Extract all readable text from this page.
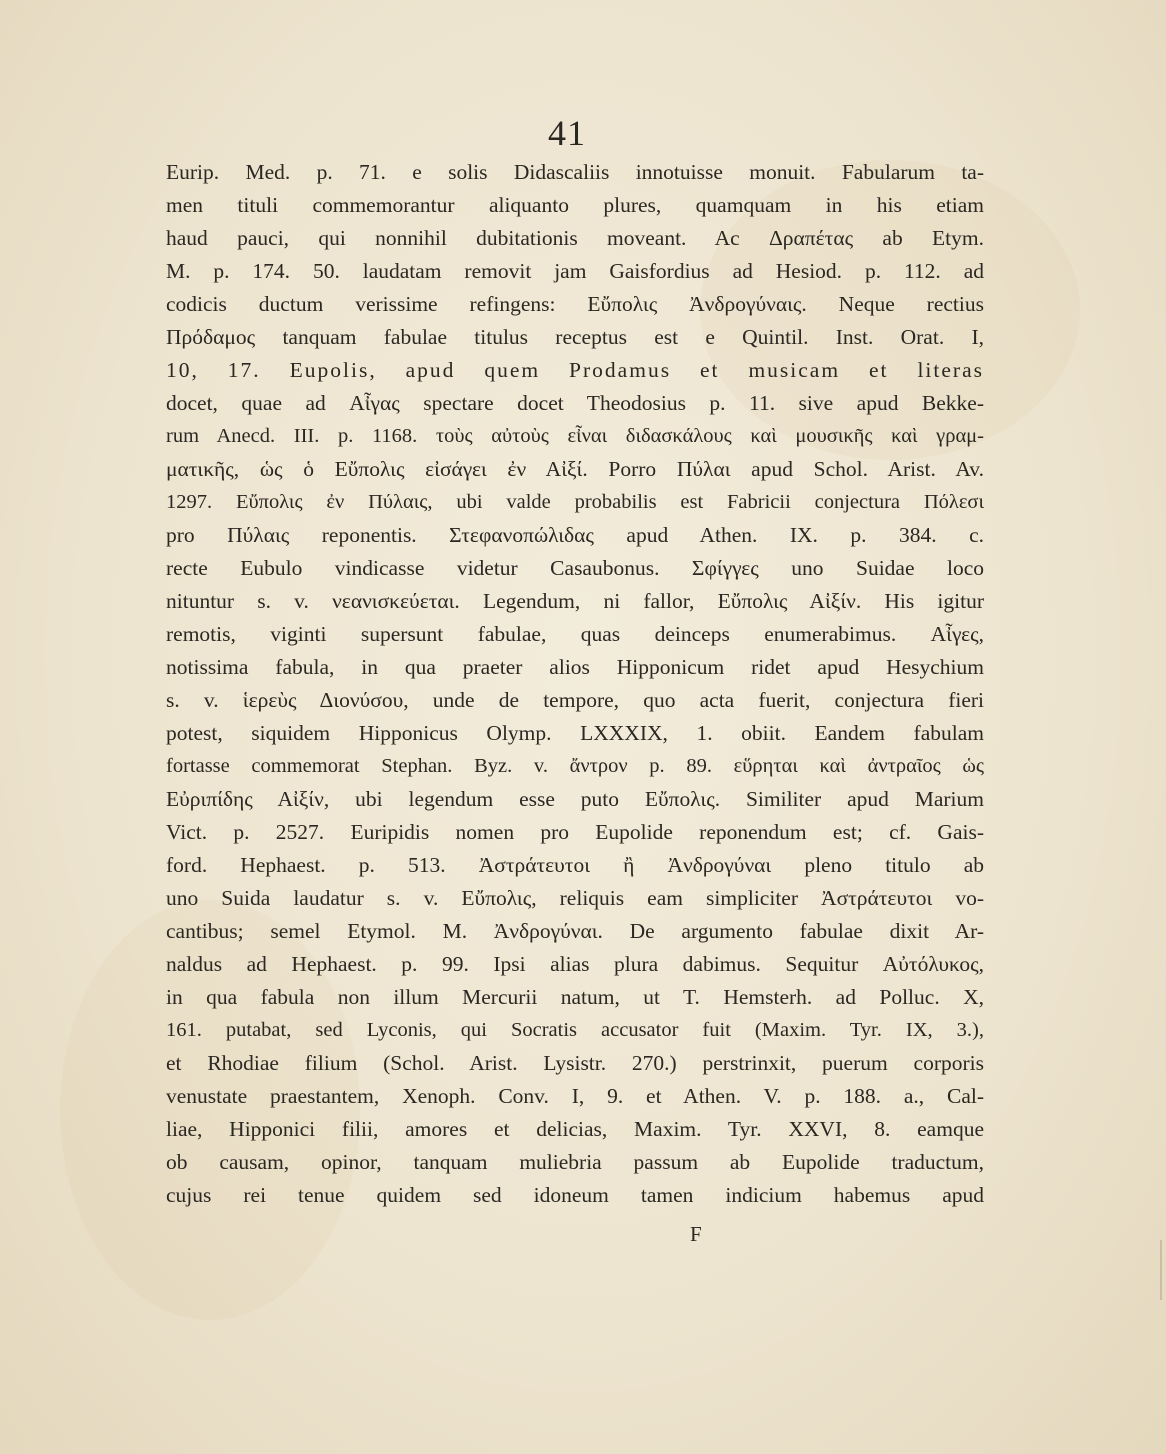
41
Eurip. Med. p. 71. e solis Didascaliis innotuisse monuit. Fabularum ta-
men tituli commemorantur aliquanto plures, quamquam in his etiam
haud pauci, qui nonnihil dubitationis moveant. Ac Δραπέτας ab Etym.
M. p. 174. 50. laudatam removit jam Gaisfordius ad Hesiod. p. 112. ad
codicis ductum verissime refingens: Εὔπολις Ἀνδρογύναις. Neque rectius
Πρόδαμος tanquam fabulae titulus receptus est e Quintil. Inst. Orat. I,
10, 17. Eupolis, apud quem Prodamus et musicam et literas
docet, quae ad Αἶγας spectare docet Theodosius p. 11. sive apud Bekke-
rum Anecd. III. p. 1168. τοὺς αὐτοὺς εἶναι διδασκάλους καὶ μουσικῆς καὶ γραμ-
ματικῆς, ὡς ὁ Εὔπολις εἰσάγει ἐν Αἰξί. Porro Πύλαι apud Schol. Arist. Av.
1297. Εὔπολις ἐν Πύλαις, ubi valde probabilis est Fabricii conjectura Πόλεσι
pro Πύλαις reponentis. Στεφανοπώλιδας apud Athen. IX. p. 384. c.
recte Eubulo vindicasse videtur Casaubonus. Σφίγγες uno Suidae loco
nituntur s. v. νεανισκεύεται. Legendum, ni fallor, Εὔπολις Αἰξίν. His igitur
remotis, viginti supersunt fabulae, quas deinceps enumerabimus. Αἶγες,
notissima fabula, in qua praeter alios Hipponicum ridet apud Hesychium
s. v. ἱερεὺς Διονύσου, unde de tempore, quo acta fuerit, conjectura fieri
potest, siquidem Hipponicus Olymp. LXXXIX, 1. obiit. Eandem fabulam
fortasse commemorat Stephan. Byz. v. ἄντρον p. 89. εὕρηται καὶ ἀντραῖος ὡς
Εὐριπίδης Αἰξίν, ubi legendum esse puto Εὔπολις. Similiter apud Marium
Vict. p. 2527. Euripidis nomen pro Eupolide reponendum est; cf. Gais-
ford. Hephaest. p. 513. Ἀστράτευτοι ἢ Ἀνδρογύναι pleno titulo ab
uno Suida laudatur s. v. Εὔπολις, reliquis eam simpliciter Ἀστράτευτοι vo-
cantibus; semel Etymol. M. Ἀνδρογύναι. De argumento fabulae dixit Ar-
naldus ad Hephaest. p. 99. Ipsi alias plura dabimus. Sequitur Αὐτόλυκος,
in qua fabula non illum Mercurii natum, ut T. Hemsterh. ad Polluc. X,
161. putabat, sed Lyconis, qui Socratis accusator fuit (Maxim. Tyr. IX, 3.),
et Rhodiae filium (Schol. Arist. Lysistr. 270.) perstrinxit, puerum corporis
venustate praestantem, Xenoph. Conv. I, 9. et Athen. V. p. 188. a., Cal-
liae, Hipponici filii, amores et delicias, Maxim. Tyr. XXVI, 8. eamque
ob causam, opinor, tanquam muliebria passum ab Eupolide traductum,
cujus rei tenue quidem sed idoneum tamen indicium habemus apud
F
